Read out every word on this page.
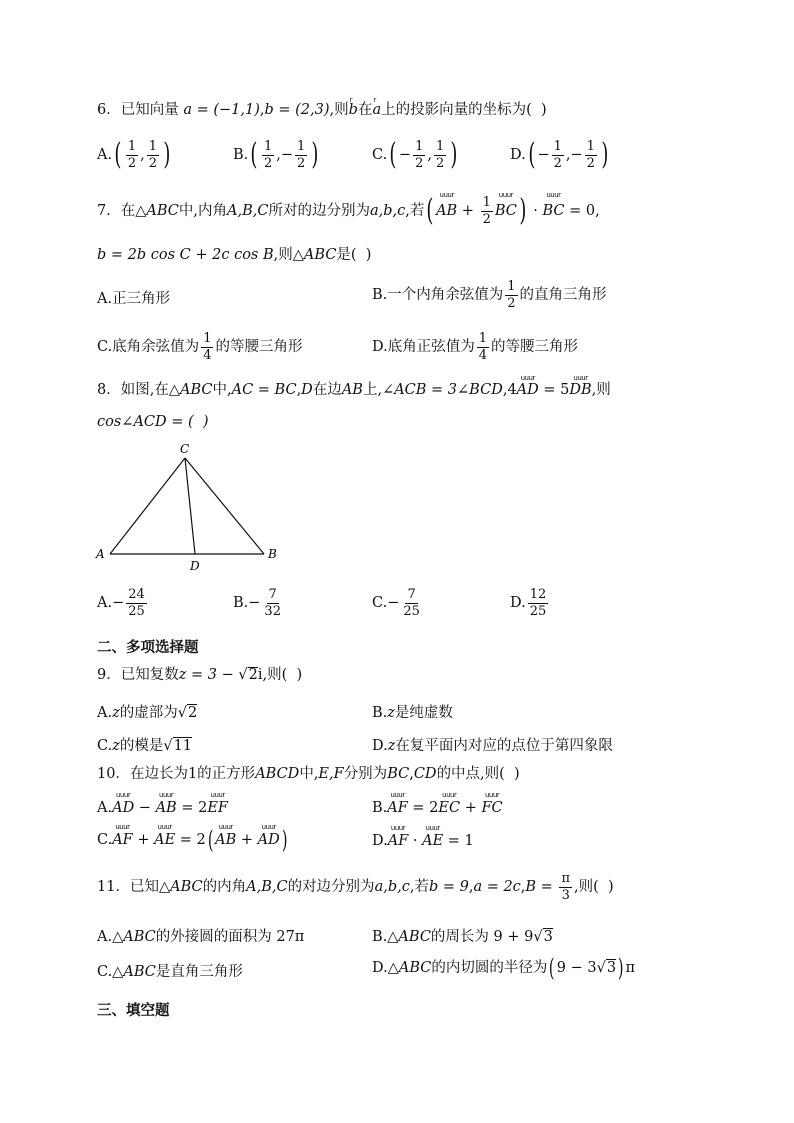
6．已知向量 a = (−1,1),b = (2,3),则r b在r a上的投影向量的坐标为(  )
$A.( \frac{1}{2}$ , $\frac{1}{2}$ )	$B.( \frac{1}{2}$ ,− $\frac{1}{2}$ )	$C.( - \frac{1}{2}$ , $\frac{1}{2}$ )	$D.( - \frac{1}{2}$ ,− $\frac{1}{2}$ )
7．在△ABC中,内角A,B,C所对的边分别为a,b,c,若( uuur AB + $\frac{1}{2}$ uuur BC) · uuur BC = 0,
b = 2b cos C + 2c cos B,则△ABC是(  )
A.正三角形	B.一个内角余弦值为 $\frac{1}{2}$ 的直角三角形
C.底角余弦值为 $\frac{1}{4}$ 的等腰三角形	D.底角正弦值为 $\frac{1}{4}$ 的等腰三角形
8．如图,在△ABC中,AC = BC,D在边AB上,∠ACB = 3∠BCD,4uuur AD = 5uuur DB,则
cos∠ACD = (  )
C
A	B
D
$A.- \frac{24}{25}$	$B.- \frac{7}{32}$	$C.- \frac{7}{25}$	D. $\frac{12}{25}$
二、多项选择题
9．已知复数z = 3 − √2i,则(  )
A.z的虚部为√2	B.z是纯虚数
C.z的模是√11	D.z在复平面内对应的点位于第四象限
10．在边长为1的正方形ABCD中,E,F分别为BC,CD的中点,则(  )
A.uuur AD − uuur AB = 2uuur EF	B.uuur AF = 2uuur EC + uuur FC
C.uuur AF + uuur AE = 2( uuur AB + uuur AD)	D.uuur AF · uuur AE = 1
11．已知△ABC的内角A,B,C的对边分别为a,b,c,若$b = 9,a = 2c,B = \frac{\pi}{3}$ ,则(  )
A.△ABC的外接圆的面积为 27π	B.△ABC的周长为 9 + 9√3
C.△ABC是直角三角形	D.△ABC的内切圆的半径为( 9 − 3√3) π
三、填空题
